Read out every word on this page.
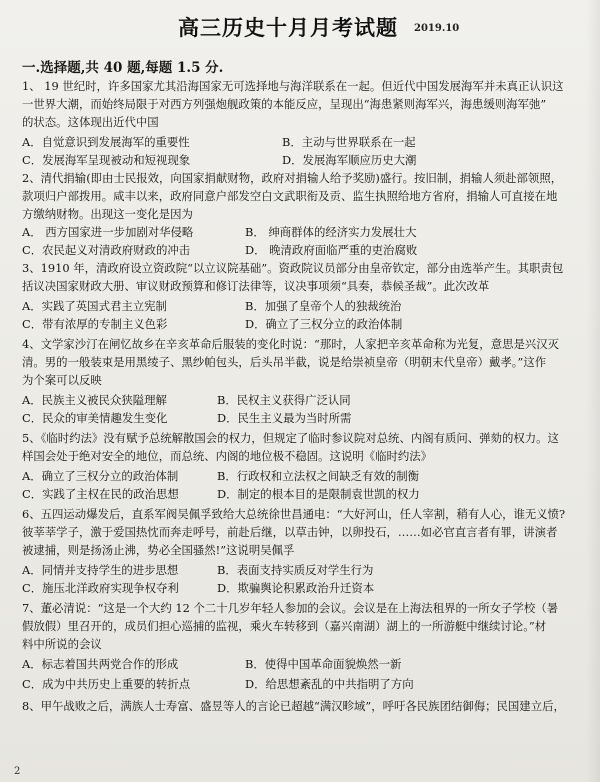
高三历史十月月考试题 2019.10
一.选择题,共 40 题,每题 1.5 分.
1、 19 世纪时，许多国家尤其沿海国家无可选择地与海洋联系在一起。但近代中国发展海军并未真正认识这
一世界大潮，而始终局限于对西方列强炮舰政策的本能反应，呈现出“海患紧则海军兴，海患缓则海军弛”
的状态。这体现出近代中国
A．自觉意识到发展海军的重要性	B．主动与世界联系在一起
C．发展海军呈现被动和短视现象	D．发展海军顺应历史大潮
2、清代捐输(即由士民报效，向国家捐献财物，政府对捐输人给予奖励)盛行。按旧制，捐输人须赴部领照，
款项归户部拨用。咸丰以来，政府同意户部发空白文武职衔及贡、监生执照给地方省府，捐输人可直接在地
方缴纳财物。出现这一变化是因为
A． 西方国家进一步加剧对华侵略	B． 绅商群体的经济实力发展壮大
C．农民起义对清政府财政的冲击	D． 晚清政府面临严重的吏治腐败
3、1910 年，清政府设立资政院“以立议院基础”。资政院议员部分由皇帝钦定，部分由选举产生。其职责包
括议决国家财政大册、审议财政预算和修订法律等，议决事项须“具奏，恭候圣裁”。此次改革
A．实践了英国式君主立宪制	B．加强了皇帝个人的独裁统治
C．带有浓厚的专制主义色彩	D．确立了三权分立的政治体制
4、文学家沙汀在闸忆故乡在辛亥革命后服装的变化时说：“那时，人家把辛亥革命称为光复，意思是兴汉灭
清。男的一般装束是用黑绫子、黑纱帕包头，后头吊半截，说是给崇祯皇帝（明朝末代皇帝）戴孝。”这作
为个案可以反映
A．民族主义被民众狭隘理解	B．民权主义获得广泛认同
C．民众的审美情趣发生变化	D．民生主义最为当时所需
5、《临时约法》没有赋予总统解散国会的权力，但规定了临时参议院对总统、内阁有质问、弹劾的权力。这
样国会处于绝对安全的地位，而总统、内阁的地位极不稳固。这说明《临时约法》
A．确立了三权分立的政治体制	B．行政权和立法权之间缺乏有效的制衡
C．实践了主权在民的政治思想	D．制定的根本目的是限制袁世凯的权力
6、五四运动爆发后，直系军阀吴佩孚致给大总统徐世昌通电：“大好河山，任人宰割，稍有人心，谁无义愤?
彼莘莘学子，激于爱国热忱而奔走呼号，前赴后继，以草击钟，以卵投石，……如必官直言者有罪，讲演者
被逮捕，则是扬汤止沸，势必全国骚然!”这说明吴佩孚
A．同情并支持学生的进步思想	B．表面支持实质反对学生行为
C．施压北洋政府实现争权夺利	D．欺骗舆论积累政治升迁资本
7、董必清说：“这是一个大约 12 个二十几岁年轻人参加的会议。会议是在上海法租界的一所女子学校（暑
假放假）里召开的，成员们担心巡捕的监视，乘火车转移到（嘉兴南湖）湖上的一所游艇中继续讨论。”材
料中所说的会议
A．标志着国共两党合作的形成	B．使得中国革命面貌焕然一新
C．成为中共历史上重要的转折点	D．给思想紊乱的中共指明了方向
8、甲午战败之后，满族人士寿富、盛昱等人的言论已超越“满汉畛域”，呼吁各民族团结御侮；民国建立后，
2
